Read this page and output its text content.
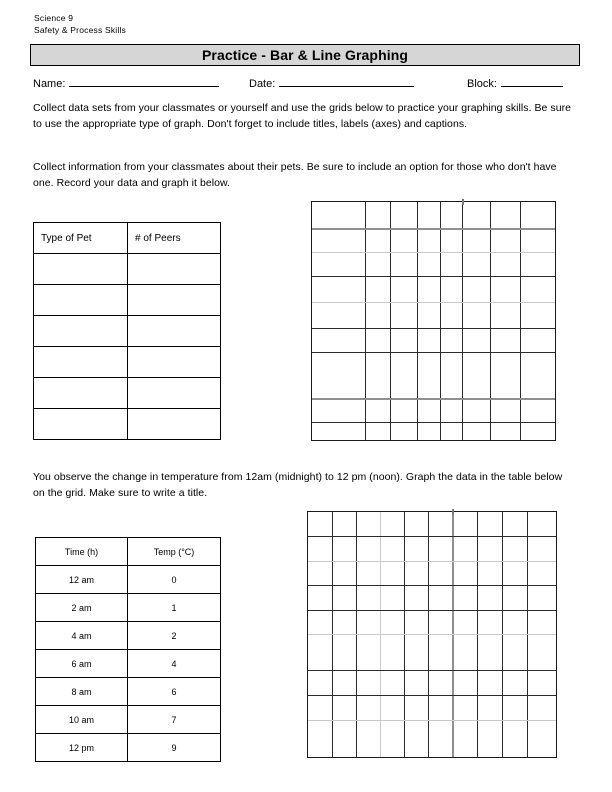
Science 9
Safety & Process Skills
Practice - Bar & Line Graphing
Name:	Date:	Block:
Collect data sets from your classmates or yourself and use the grids below to practice your graphing skills. Be sure to use the appropriate type of graph. Don't forget to include titles, labels (axes) and captions.
Collect information from your classmates about their pets. Be sure to include an option for those who don't have one. Record your data and graph it below.
You observe the change in temperature from 12am (midnight) to 12 pm (noon). Graph the data in the table below on the grid. Make sure to write a title.
Type of Pet	# of Peers

Time (h)	Temp (°C)
12 am	0
2 am	1
4 am	2
6 am	4
8 am	6
10 am	7
12 pm	9
